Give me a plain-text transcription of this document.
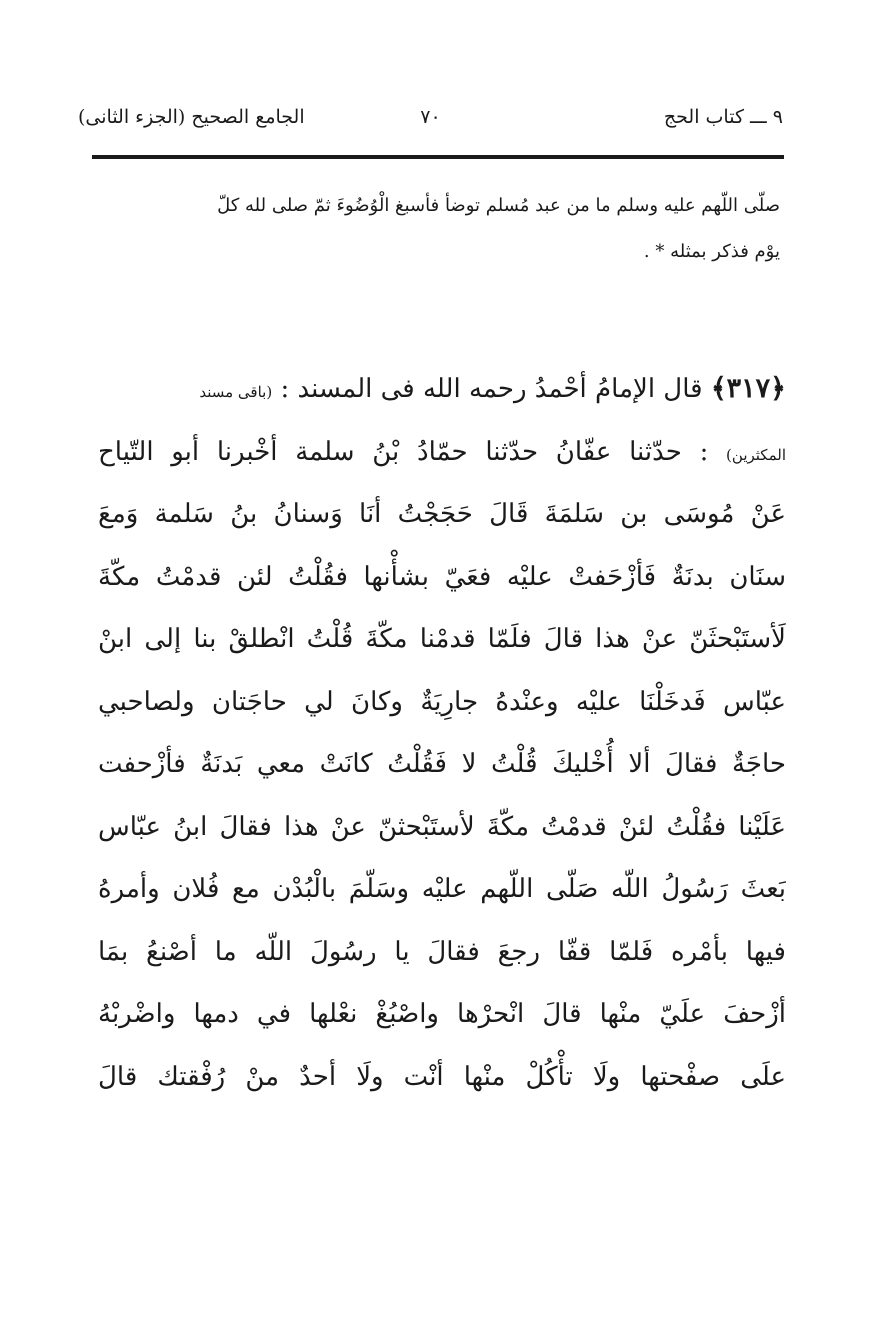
٩ ـــ كتاب الحج
٧٠
الجامع الصحيح (الجزء الثانى)

صلّى اللّهم عليه وسلم ما من عبد مُسلم توضأ فأسبغ الْوُضُوءَ ثمّ صلى لله كلّ

يوْم فذكر بمثله * .

﴿٣١٧﴾ قال الإمامُ أحْمدُ رحمه الله فى المسند : (باقى مسند
المكثرين) : حدّثنا عفّانُ حدّثنا حمّادُ بْنُ سلمة أخْبرنا أبو التّياح
عَنْ مُوسَى بن سَلمَةَ قَالَ حَجَجْتُ أنَا وَسنانُ بنُ سَلمة وَمعَ
سنَان بدنَةٌ فَأزْحَفتْ عليْه فعَيّ بشأْنها فقُلْتُ لئن قدمْتُ مكّةَ
لَأستَبْحثَنّ عنْ هذا قالَ فلَمّا قدمْنا مكّةَ قُلْتُ انْطلقْ بنا إلى ابنْ
عبّاس فَدخَلْنَا عليْه وعنْدهُ جارِيَةٌ وكانَ لي حاجَتان ولصاحبي
حاجَةٌ فقالَ ألا أُخْليكَ قُلْتُ لا فَقُلْتُ كانَتْ معي بَدنَةٌ فأزْحفت
عَلَيْنا فقُلْتُ لئنْ قدمْتُ مكّةَ لأستَبْحثنّ عنْ هذا فقالَ ابنُ عبّاس
بَعثَ رَسُولُ اللّه صَلّى اللّهم عليْه وسَلّمَ بالْبُدْن مع فُلان وأمرهُ
فيها بأمْره فَلمّا قفّا رجعَ فقالَ يا رسُولَ اللّه ما أصْنعُ بمَا
أزْحفَ علَيّ منْها قالَ انْحرْها واصْبُغْ نعْلها في دمها واضْربْهُ
علَى صفْحتها ولَا تأْكُلْ منْها أنْت ولَا أحدٌ منْ رُفْقتك قالَ
